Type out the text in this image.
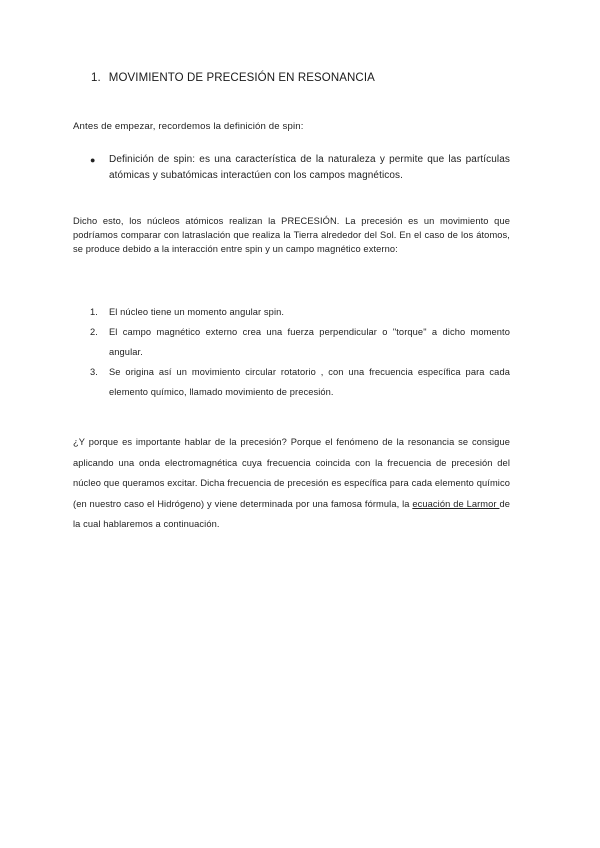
1. MOVIMIENTO DE PRECESIÓN EN RESONANCIA
Antes de empezar, recordemos la definición de spin:
● Definición de spin: es una característica de la naturaleza y permite que las partículas atómicas y subatómicas interactúen con los campos magnéticos.
Dicho esto, los núcleos atómicos realizan la PRECESIÓN. La precesión es un movimiento que podríamos comparar con latraslación que realiza la Tierra alrededor del Sol. En el caso de los átomos, se produce debido a la interacción entre spin y un campo magnético externo:
1. El núcleo tiene un momento angular spin.
2. El campo magnético externo crea una fuerza perpendicular o "torque" a dicho momento angular.
3. Se origina así un movimiento circular rotatorio , con una frecuencia específica para cada elemento químico, llamado movimiento de precesión.
¿Y porque es importante hablar de la precesión? Porque el fenómeno de la resonancia se consigue aplicando una onda electromagnética cuya frecuencia coincida con la frecuencia de precesión del núcleo que queramos excitar. Dicha frecuencia de precesión es específica para cada elemento químico (en nuestro caso el Hidrógeno) y viene determinada por una famosa fórmula, la ecuación de Larmor de la cual hablaremos a continuación.
